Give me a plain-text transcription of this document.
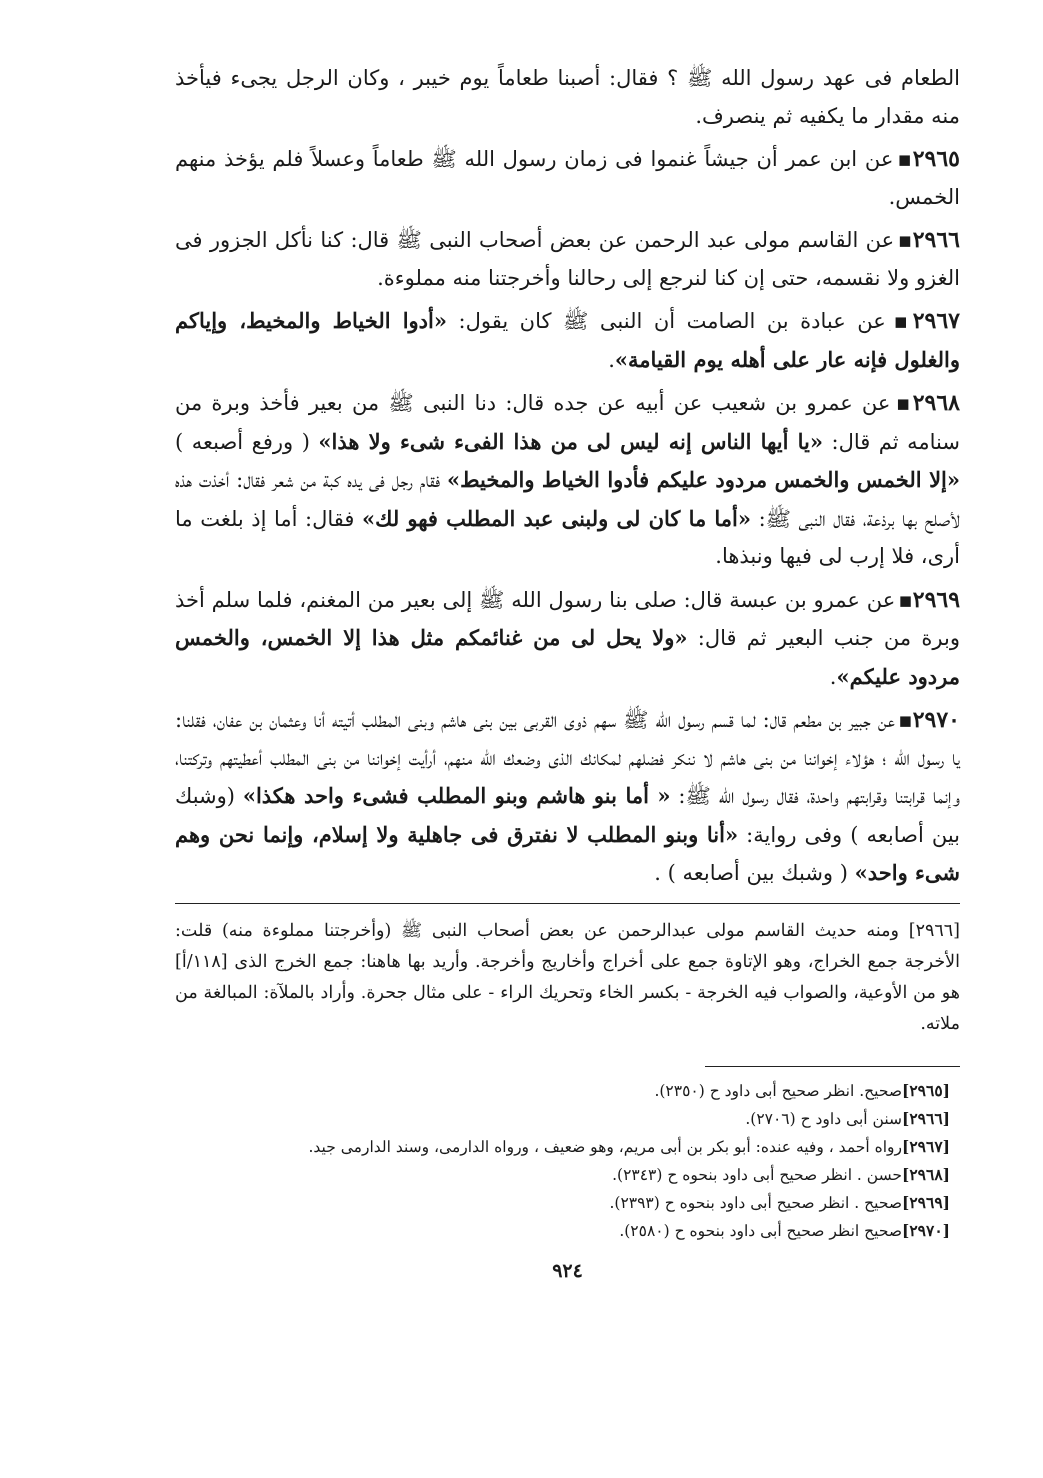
الطعام فى عهد رسول الله ﷺ ؟ فقال: أصبنا طعاماً يوم خيبر ، وكان الرجل يجىء فيأخذ منه مقدار ما يكفيه ثم ينصرف.

٢٩٦٥▪عن ابن عمر أن جيشاً غنموا فى زمان رسول الله ﷺ طعاماً وعسلاً فلم يؤخذ منهم الخمس.

٢٩٦٦▪عن القاسم مولى عبد الرحمن عن بعض أصحاب النبى ﷺ قال: كنا نأكل الجزور فى الغزو ولا نقسمه، حتى إن كنا لنرجع إلى رحالنا وأخرجتنا منه مملوءة.

٢٩٦٧▪عن عبادة بن الصامت أن النبى ﷺ كان يقول: «أدوا الخياط والمخيط، وإياكم والغلول فإنه عار على أهله يوم القيامة».

٢٩٦٨▪عن عمرو بن شعيب عن أبيه عن جده قال: دنا النبى ﷺ من بعير فأخذ وبرة من سنامه ثم قال: «يا أيها الناس إنه ليس لى من هذا الفىء شىء ولا هذا» ( ورفع أصبعه ) «إلا الخمس والخمس مردود عليكم فأدوا الخياط والمخيط» فقام رجل فى يده كبة من شعر فقال: أخذت هذه لأصلح بها برذعة، فقال النبى ﷺ: «أما ما كان لى ولبنى عبد المطلب فهو لك» فقال: أما إذ بلغت ما أرى، فلا إرب لى فيها ونبذها.

٢٩٦٩▪عن عمرو بن عبسة قال: صلى بنا رسول الله ﷺ إلى بعير من المغنم، فلما سلم أخذ وبرة من جنب البعير ثم قال: «ولا يحل لى من غنائمكم مثل هذا إلا الخمس، والخمس مردود عليكم».

٢٩٧٠▪عن جبير بن مطعم قال: لما قسم رسول الله ﷺ سهم ذوى القربى بين بنى هاشم وبنى المطلب أتيته أنا وعثمان بن عفان، فقلنا: يا رسول الله ؛ هؤلاء إخواننا من بنى هاشم لا ننكر فضلهم لمكانك الذى وضعك الله منهم، أرأيت إخواننا من بنى المطلب أعطيتهم وتركتنا، وإنما قرابتنا وقرابتهم واحدة، فقال رسول الله ﷺ: « أما بنو هاشم وبنو المطلب فشىء واحد هكذا» (وشبك بين أصابعه ) وفى رواية: «أنا وبنو المطلب لا نفترق فى جاهلية ولا إسلام، وإنما نحن وهم شىء واحد» ( وشبك بين أصابعه ) .

[٢٩٦٦] ومنه حديث القاسم مولى عبدالرحمن عن بعض أصحاب النبى ﷺ (وأخرجتنا مملوءة منه) قلت: الأخرجة جمع الخراج، وهو الإتاوة جمع على أخراج وأخاريج وأخرجة. وأريد بها هاهنا: جمع الخرج الذى [١١٨/أ] هو من الأوعية، والصواب فيه الخرجة - بكسر الخاء وتحريك الراء - على مثال جحرة. وأراد بالملآة: المبالغة من ملاته.

[٢٩٦٥]صحيح. انظر صحيح أبى داود ح (٢٣٥٠).
[٢٩٦٦]سنن أبى داود ح (٢٧٠٦).
[٢٩٦٧]رواه أحمد ، وفيه عنده: أبو بكر بن أبى مريم، وهو ضعيف ، ورواه الدارمى، وسند الدارمى جيد.
[٢٩٦٨]حسن . انظر صحيح أبى داود بنحوه ح (٢٣٤٣).
[٢٩٦٩]صحيح . انظر صحيح أبى داود بنحوه ح (٢٣٩٣).
[٢٩٧٠]صحيح انظر صحيح أبى داود بنحوه ح (٢٥٨٠).
٩٢٤
